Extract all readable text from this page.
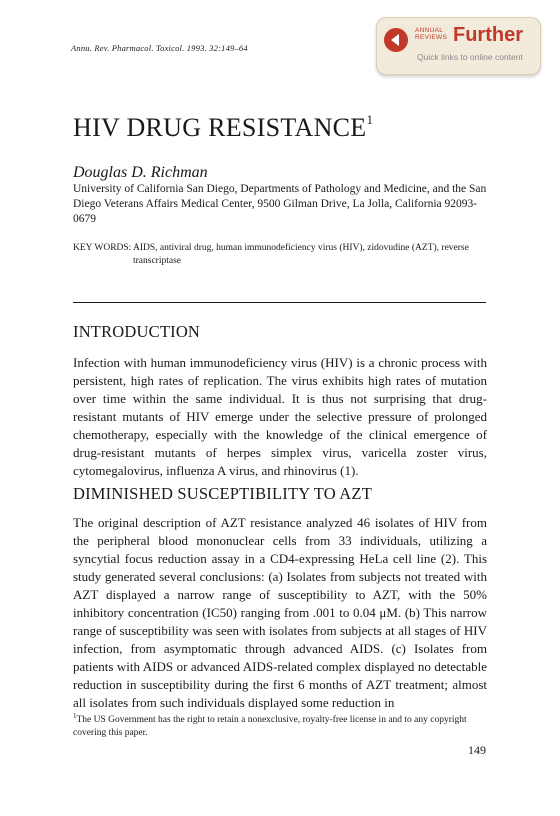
Annu. Rev. Pharmacol. Toxicol. 1993. 32:149–64
ANNUAL
REVIEWS Further
Quick links to online content
HIV DRUG RESISTANCE$^1$
Douglas D. Richman
University of California San Diego, Departments of Pathology and Medicine, and the San Diego Veterans Affairs Medical Center, 9500 Gilman Drive, La Jolla, California 92093-0679
KEY WORDS: AIDS, antiviral drug, human immunodeficiency virus (HIV), zidovudine (AZT), reverse transcriptase
INTRODUCTION

Infection with human immunodeficiency virus (HIV) is a chronic process with persistent, high rates of replication. The virus exhibits high rates of mutation over time within the same individual. It is thus not surprising that drug-resistant mutants of HIV emerge under the selective pressure of prolonged chemotherapy, especially with the knowledge of the clinical emergence of drug-resistant mutants of herpes simplex virus, varicella zoster virus, cytomegalovirus, influenza A virus, and rhinovirus (1).

DIMINISHED SUSCEPTIBILITY TO AZT

The original description of AZT resistance analyzed 46 isolates of HIV from the peripheral blood mononuclear cells from 33 individuals, utilizing a syncytial focus reduction assay in a CD4-expressing HeLa cell line (2). This study generated several conclusions: (a) Isolates from subjects not treated with AZT displayed a narrow range of susceptibility to AZT, with the 50% inhibitory concentration (IC50) ranging from .001 to 0.04 μM. (b) This narrow range of susceptibility was seen with isolates from subjects at all stages of HIV infection, from asymptomatic through advanced AIDS. (c) Isolates from patients with AIDS or advanced AIDS-related complex displayed no detectable reduction in susceptibility during the first 6 months of AZT treatment; almost all isolates from such individuals displayed some reduction in

$^1$The US Government has the right to retain a nonexclusive, royalty-free license in and to any copyright covering this paper.
149
